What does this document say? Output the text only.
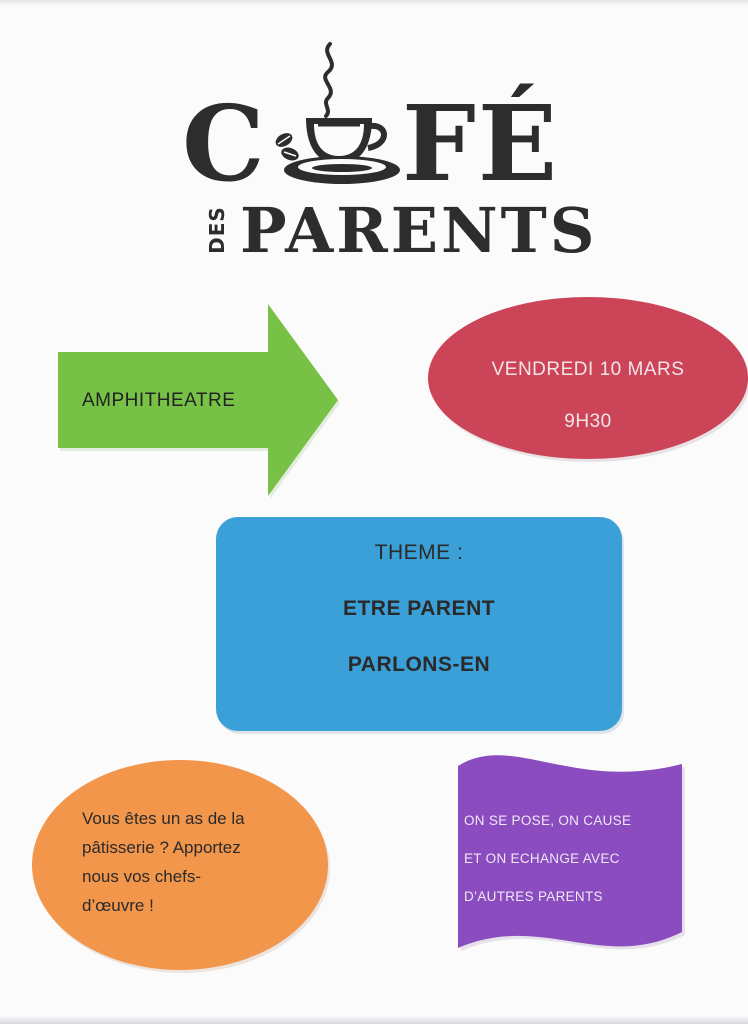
C FÉ
DES PARENTS
AMPHITHEATRE
VENDREDI 10 MARS
9H30
THEME :
ETRE PARENT
PARLONS-EN
Vous êtes un as de la
pâtisserie ? Apportez
nous vos chefs-
d’œuvre !
ON SE POSE, ON CAUSE
ET ON ECHANGE AVEC
D’AUTRES PARENTS
